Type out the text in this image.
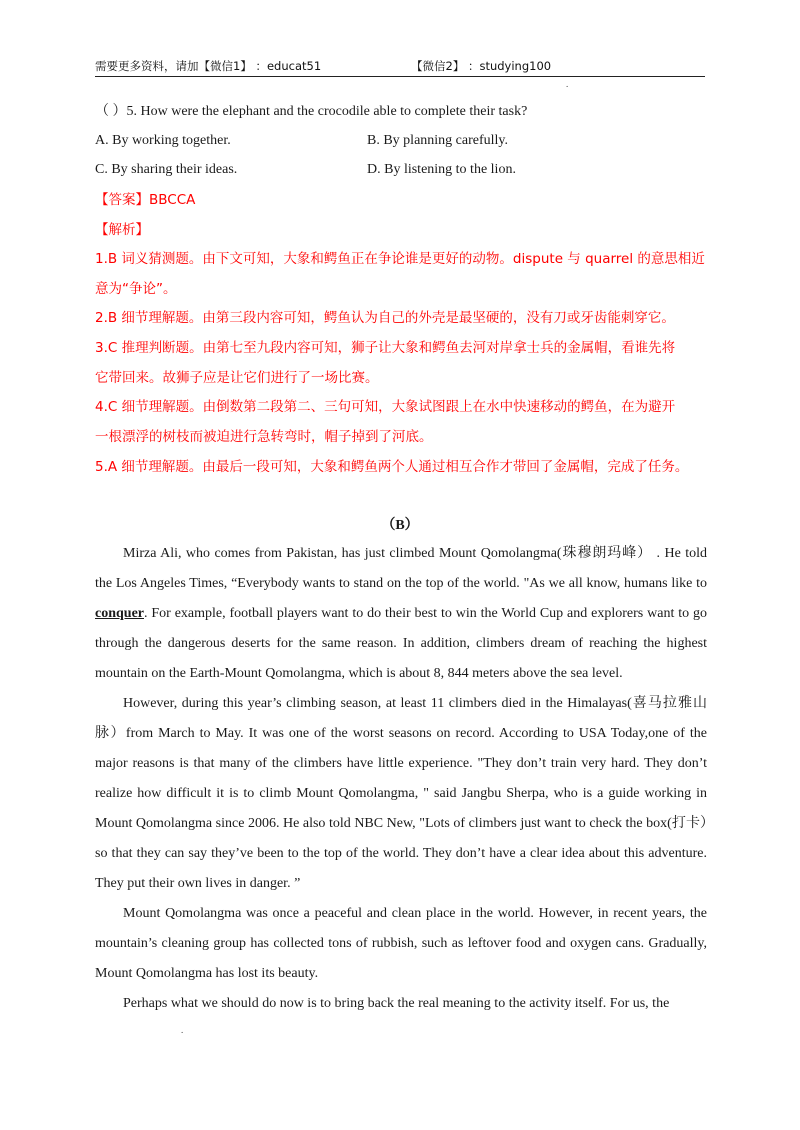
需要更多资料，请加【微信1】 ：educat51	【微信2】 ：studying100
.
（ ）5. How were the elephant and the crocodile able to complete their task?
A. By working together.	B. By planning carefully.
C. By sharing their ideas.	D. By listening to the lion.
【答案】BBCCA
【解析】
1.B 词义猜测题。由下文可知，大象和鳄鱼正在争论谁是更好的动物。dispute 与 quarrel 的意思相近
意为“争论”。
2.B 细节理解题。由第三段内容可知，鳄鱼认为自己的外壳是最坚硬的，没有刀或牙齿能刺穿它。
3.C 推理判断题。由第七至九段内容可知，狮子让大象和鳄鱼去河对岸拿士兵的金属帽，看谁先将
它带回来。故狮子应是让它们进行了一场比赛。
4.C 细节理解题。由倒数第二段第二、三句可知，大象试图跟上在水中快速移动的鳄鱼，在为避开
一根漂浮的树枝而被迫进行急转弯时，帽子掉到了河底。
5.A 细节理解题。由最后一段可知，大象和鳄鱼两个人通过相互合作才带回了金属帽，完成了任务。
（B）

Mirza Ali, who comes from Pakistan, has just climbed Mount Qomolangma(珠穆朗玛峰） . He told the Los Angeles Times, “Everybody wants to stand on the top of the world. "As we all know, humans like to conquer. For example, football players want to do their best to win the World Cup and explorers want to go through the dangerous deserts for the same reason. In addition, climbers dream of reaching the highest mountain on the Earth-Mount Qomolangma, which is about 8, 844 meters above the sea level.

However, during this year’s climbing season, at least 11 climbers died in the Himalayas(喜马拉雅山脉）from March to May. It was one of the worst seasons on record. According to USA Today,one of the major reasons is that many of the climbers have little experience. "They don’t train very hard. They don’t realize how difficult it is to climb Mount Qomolangma, " said Jangbu Sherpa, who is a guide working in Mount Qomolangma since 2006. He also told NBC New, "Lots of climbers just want to check the box(打卡）so that they can say they’ve been to the top of the world. They don’t have a clear idea about this adventure. They put their own lives in danger. ”

Mount Qomolangma was once a peaceful and clean place in the world. However, in recent years, the mountain’s cleaning group has collected tons of rubbish, such as leftover food and oxygen cans. Gradually, Mount Qomolangma has lost its beauty.

Perhaps what we should do now is to bring back the real meaning to the activity itself. For us, the

.
